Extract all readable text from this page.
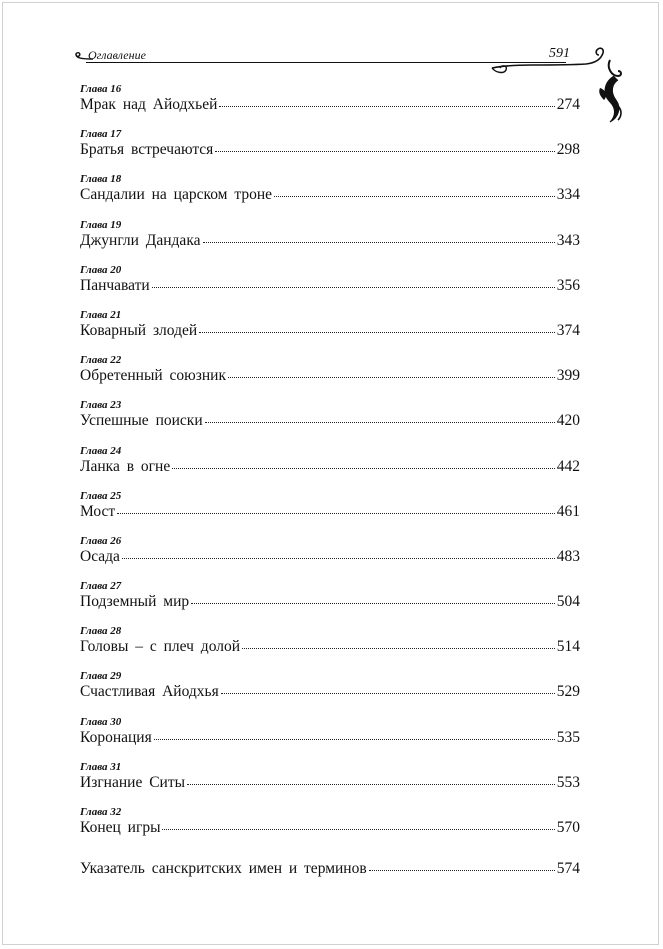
Оглавление	591
Глава 16
Мрак над Айодхьей	274
Глава 17
Братья встречаются	298
Глава 18
Сандалии на царском троне	334
Глава 19
Джунгли Дандака	343
Глава 20
Панчавати	356
Глава 21
Коварный злодей	374
Глава 22
Обретенный союзник	399
Глава 23
Успешные поиски	420
Глава 24
Ланка в огне	442
Глава 25
Мост	461
Глава 26
Осада	483
Глава 27
Подземный мир	504
Глава 28
Головы – с плеч долой	514
Глава 29
Счастливая Айодхья	529
Глава 30
Коронация	535
Глава 31
Изгнание Ситы	553
Глава 32
Конец игры	570
Указатель санскритских имен и терминов	574
